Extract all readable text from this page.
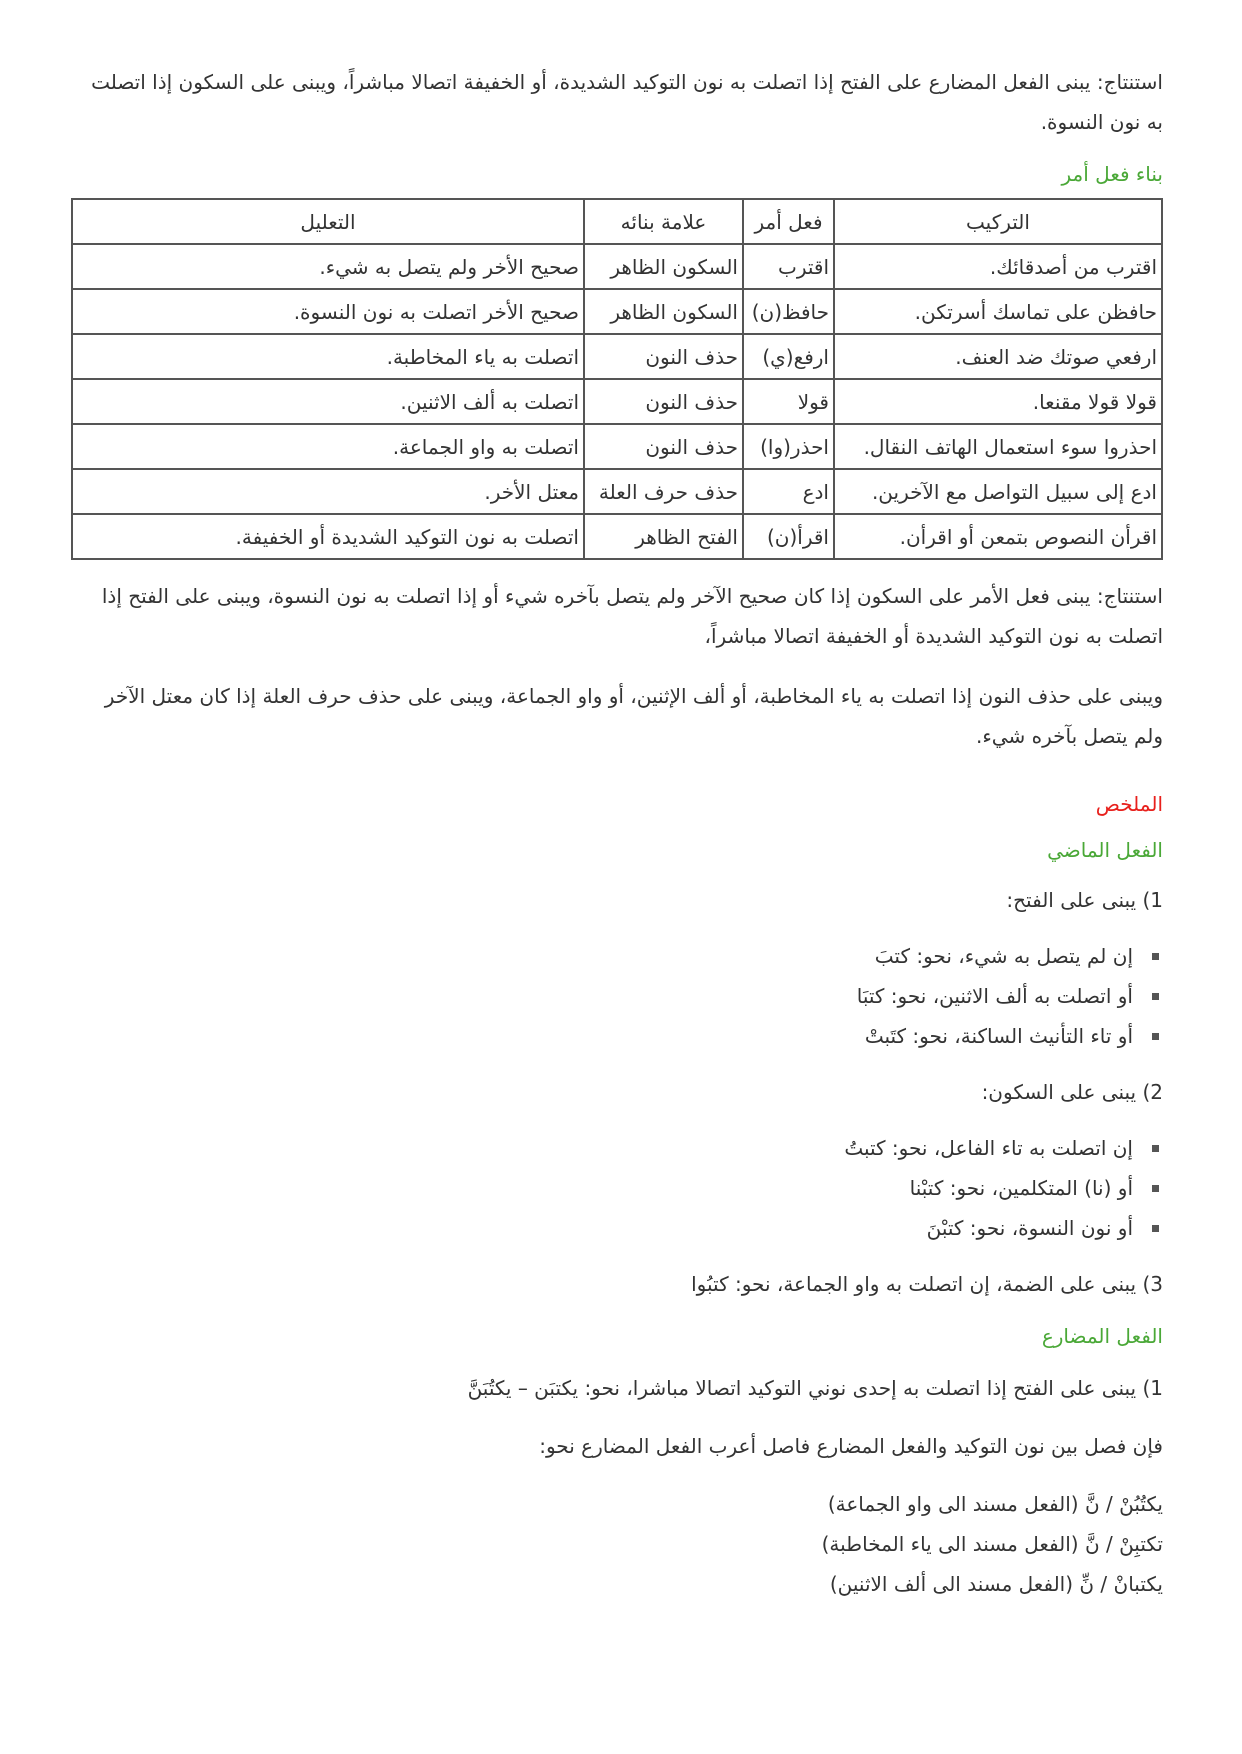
استنتاج: يبنى الفعل المضارع على الفتح إذا اتصلت به نون التوكيد الشديدة، أو الخفيفة اتصالا مباشراً، ويبنى على السكون إذا اتصلت به نون النسوة.

بناء فعل أمر
التركيب	فعل أمر	علامة بنائه	التعليل
اقترب من أصدقائك.	اقترب	السكون الظاهر	صحيح الأخر ولم يتصل به شيء.
حافظن على تماسك أسرتكن.	حافظ(ن)	السكون الظاهر	صحيح الأخر اتصلت به نون النسوة.
ارفعي صوتك ضد العنف.	ارفع(ي)	حذف النون	اتصلت به ياء المخاطبة.
قولا قولا مقنعا.	قولا	حذف النون	اتصلت به ألف الاثنين.
احذروا سوء استعمال الهاتف النقال.	احذر(وا)	حذف النون	اتصلت به واو الجماعة.
ادع إلى سبيل التواصل مع الآخرين.	ادع	حذف حرف العلة	معتل الأخر.
اقرأن النصوص بتمعن أو اقرأن.	اقرأ(ن)	الفتح الظاهر	اتصلت به نون التوكيد الشديدة أو الخفيفة.

استنتاج: يبنى فعل الأمر على السكون إذا كان صحيح الآخر ولم يتصل بآخره شيء أو إذا اتصلت به نون النسوة، ويبنى على الفتح إذا اتصلت به نون التوكيد الشديدة أو الخفيفة اتصالا مباشراً،

ويبنى على حذف النون إذا اتصلت به ياء المخاطبة، أو ألف الإثنين، أو واو الجماعة، ويبنى على حذف حرف العلة إذا كان معتل الآخر ولم يتصل بآخره شيء.

الملخص
الفعل الماضي

1) يبنى على الفتح:

إن لم يتصل به شيء، نحو: كتبَ
أو اتصلت به ألف الاثنين، نحو: كتبَا
أو تاء التأنيث الساكنة، نحو: كتَبتْ

2) يبنى على السكون:

إن اتصلت به تاء الفاعل، نحو: كتبتُ
أو (نا) المتكلمين، نحو: كتبْنا
أو نون النسوة، نحو: كتبْنَ

3) يبنى على الضمة، إن اتصلت به واو الجماعة، نحو: كتبُوا

الفعل المضارع

1) يبنى على الفتح إذا اتصلت به إحدى نوني التوكيد اتصالا مباشرا، نحو: يكتبَن – يكتُبَنَّ

فإن فصل بين نون التوكيد والفعل المضارع فاصل أعرب الفعل المضارع نحو:

يكتُبُنْ / نَّ (الفعل مسند الى واو الجماعة)

تكتبِنْ / نَّ (الفعل مسند الى ياء المخاطبة)

يكتبانْ / نِّ (الفعل مسند الى ألف الاثنين)
